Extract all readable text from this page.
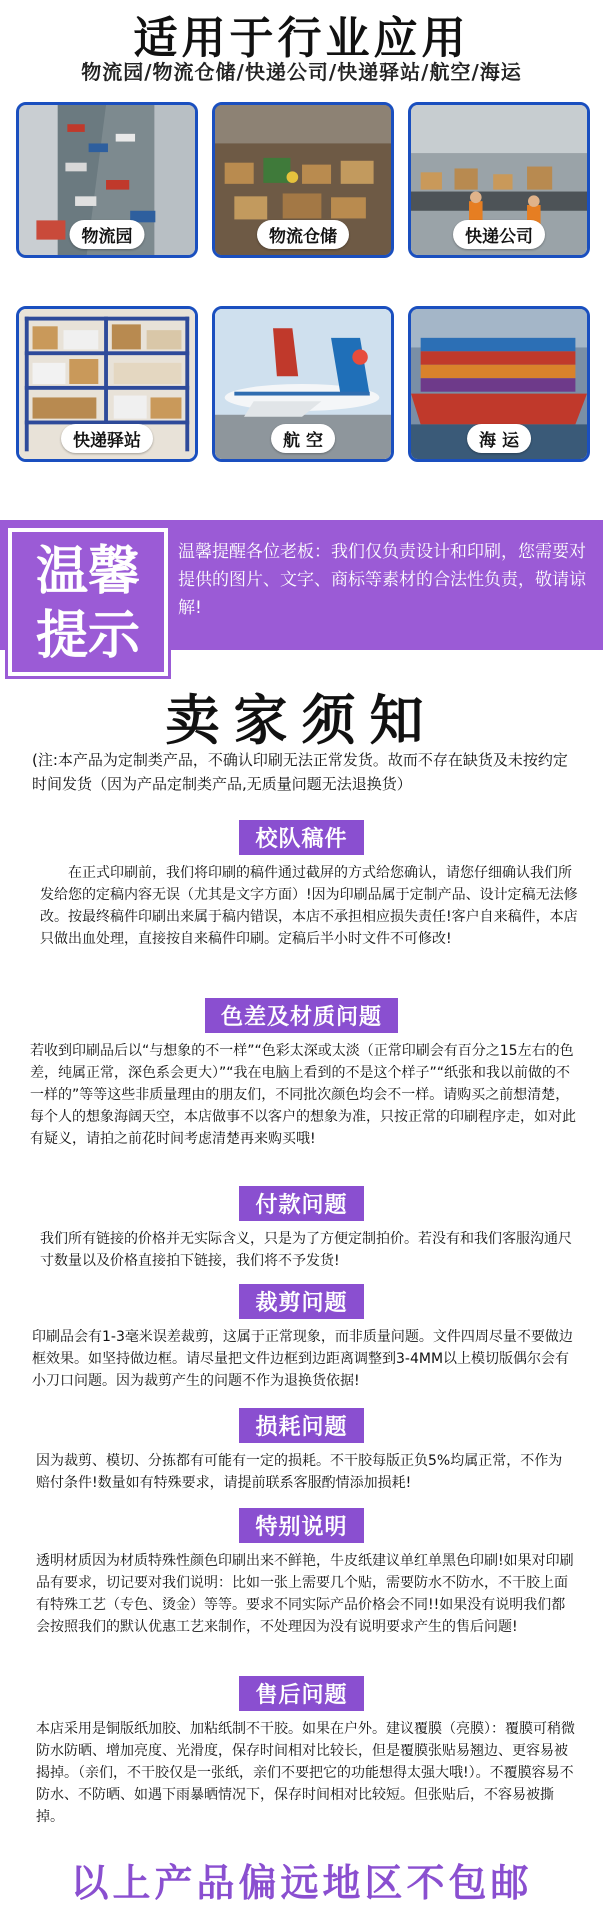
适用于行业应用
物流园/物流仓储/快递公司/快递驿站/航空/海运
物流园	物流仓储	快递公司
快递驿站	航 空	海 运
温馨
提示
温馨提醒各位老板：我们仅负责设计和印刷，您需要对提供的图片、文字、商标等素材的合法性负责，敬请谅解!
卖家须知
(注:本产品为定制类产品，不确认印刷无法正常发货。故而不存在缺货及未按约定时间发货（因为产品定制类产品,无质量问题无法退换货）
校队稿件
在正式印刷前，我们将印刷的稿件通过截屏的方式给您确认，请您仔细确认我们所发给您的定稿内容无误（尤其是文字方面）!因为印刷品属于定制产品、设计定稿无法修改。按最终稿件印刷出来属于稿内错误，本店不承担相应损失责任!客户自来稿件，本店只做出血处理，直接按自来稿件印刷。定稿后半小时文件不可修改!
色差及材质问题
若收到印刷品后以“与想象的不一样”“色彩太深或太淡（正常印刷会有百分之15左右的色差，纯属正常，深色系会更大）”“我在电脑上看到的不是这个样子”“纸张和我以前做的不一样的”等等这些非质量理由的朋友们，不同批次颜色均会不一样。请购买之前想清楚，每个人的想象海阔天空，本店做事不以客户的想象为准，只按正常的印刷程序走，如对此有疑义，请拍之前花时间考虑清楚再来购买哦!
付款问题
我们所有链接的价格并无实际含义，只是为了方便定制拍价。若没有和我们客服沟通尺寸数量以及价格直接拍下链接，我们将不予发货!
裁剪问题
印刷品会有1-3毫米误差裁剪，这属于正常现象，而非质量问题。文件四周尽量不要做边框效果。如坚持做边框。请尽量把文件边框到边距离调整到3-4MM以上模切版偶尔会有小刀口问题。因为裁剪产生的问题不作为退换货依据!
损耗问题
因为裁剪、模切、分拣都有可能有一定的损耗。不干胶每版正负5%均属正常，不作为赔付条件!数量如有特殊要求，请提前联系客服酌情添加损耗!
特别说明
透明材质因为材质特殊性颜色印刷出来不鲜艳，牛皮纸建议单红单黑色印刷!如果对印刷品有要求，切记要对我们说明：比如一张上需要几个贴，需要防水不防水，不干胶上面有特殊工艺（专色、烫金）等等。要求不同实际产品价格会不同!!如果没有说明我们都会按照我们的默认优惠工艺来制作，不处理因为没有说明要求产生的售后问题!
售后问题
本店采用是铜版纸加胶、加粘纸制不干胶。如果在户外。建议覆膜（亮膜）：覆膜可稍微防水防晒、增加亮度、光滑度，保存时间相对比较长，但是覆膜张贴易翘边、更容易被揭掉。（亲们，不干胶仅是一张纸，亲们不要把它的功能想得太强大哦!）。不覆膜容易不防水、不防晒、如遇下雨暴晒情况下，保存时间相对比较短。但张贴后，不容易被撕掉。
以上产品偏远地区不包邮
